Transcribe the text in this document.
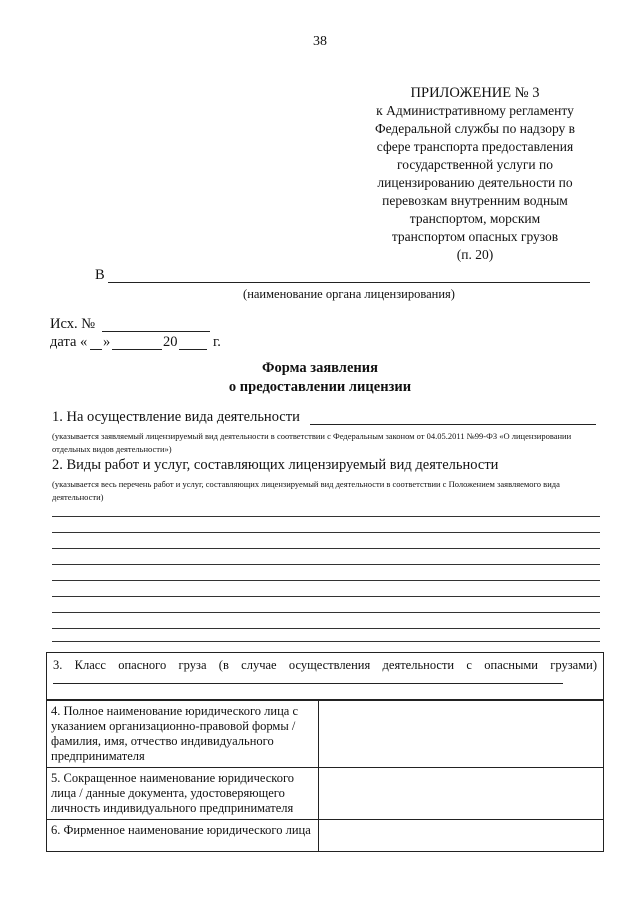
38
ПРИЛОЖЕНИЕ № 3
к Административному регламенту
Федеральной службы по надзору в
сфере транспорта предоставления
государственной услуги по
лицензированию деятельности по
перевозкам внутренним водным
транспортом, морским
транспортом опасных грузов
(п. 20)
В
(наименование органа лицензирования)
Исх. №
дата « »	20 г.
Форма заявления
о предоставлении лицензии
1. На осуществление вида деятельности
(указывается заявляемый лицензируемый вид деятельности в соответствии с Федеральным законом от 04.05.2011 №99-ФЗ «О лицензировании
отдельных видов деятельности»)
2. Виды работ и услуг, составляющих лицензируемый вид деятельности
(указывается весь перечень работ и услуг, составляющих лицензируемый вид деятельности в соответствии с Положением заявляемого вида
деятельности)
3. Класс опасного груза (в случае осуществления деятельности с опасными грузами)
4. Полное наименование юридического лица с указанием организационно-правовой формы / фамилия, имя, отчество индивидуального предпринимателя	
5. Сокращенное наименование юридического лица / данные документа, удостоверяющего личность индивидуального предпринимателя	
6. Фирменное наименование юридического лица	
